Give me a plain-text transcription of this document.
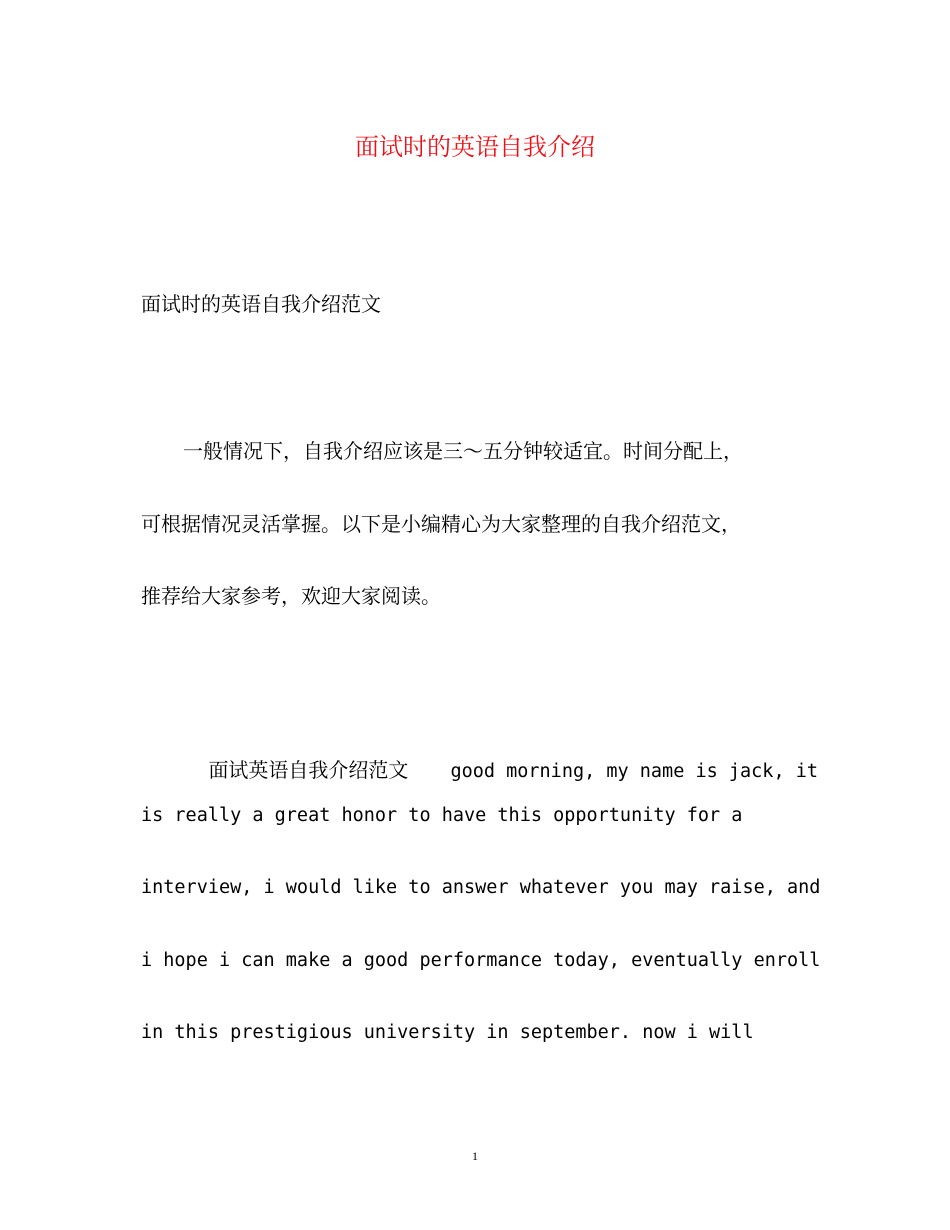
面试时的英语自我介绍
面试时的英语自我介绍范文
一般情况下，自我介绍应该是三～五分钟较适宜。时间分配上，
可根据情况灵活掌握。以下是小编精心为大家整理的自我介绍范文，
推荐给大家参考，欢迎大家阅读。

面试英语自我介绍范文 good morning, my name is jack, it

is really a great honor to have this opportunity for a
interview, i would like to answer whatever you may raise, and
i hope i can make a good performance today, eventually enroll
in this prestigious university in september. now i will
1
